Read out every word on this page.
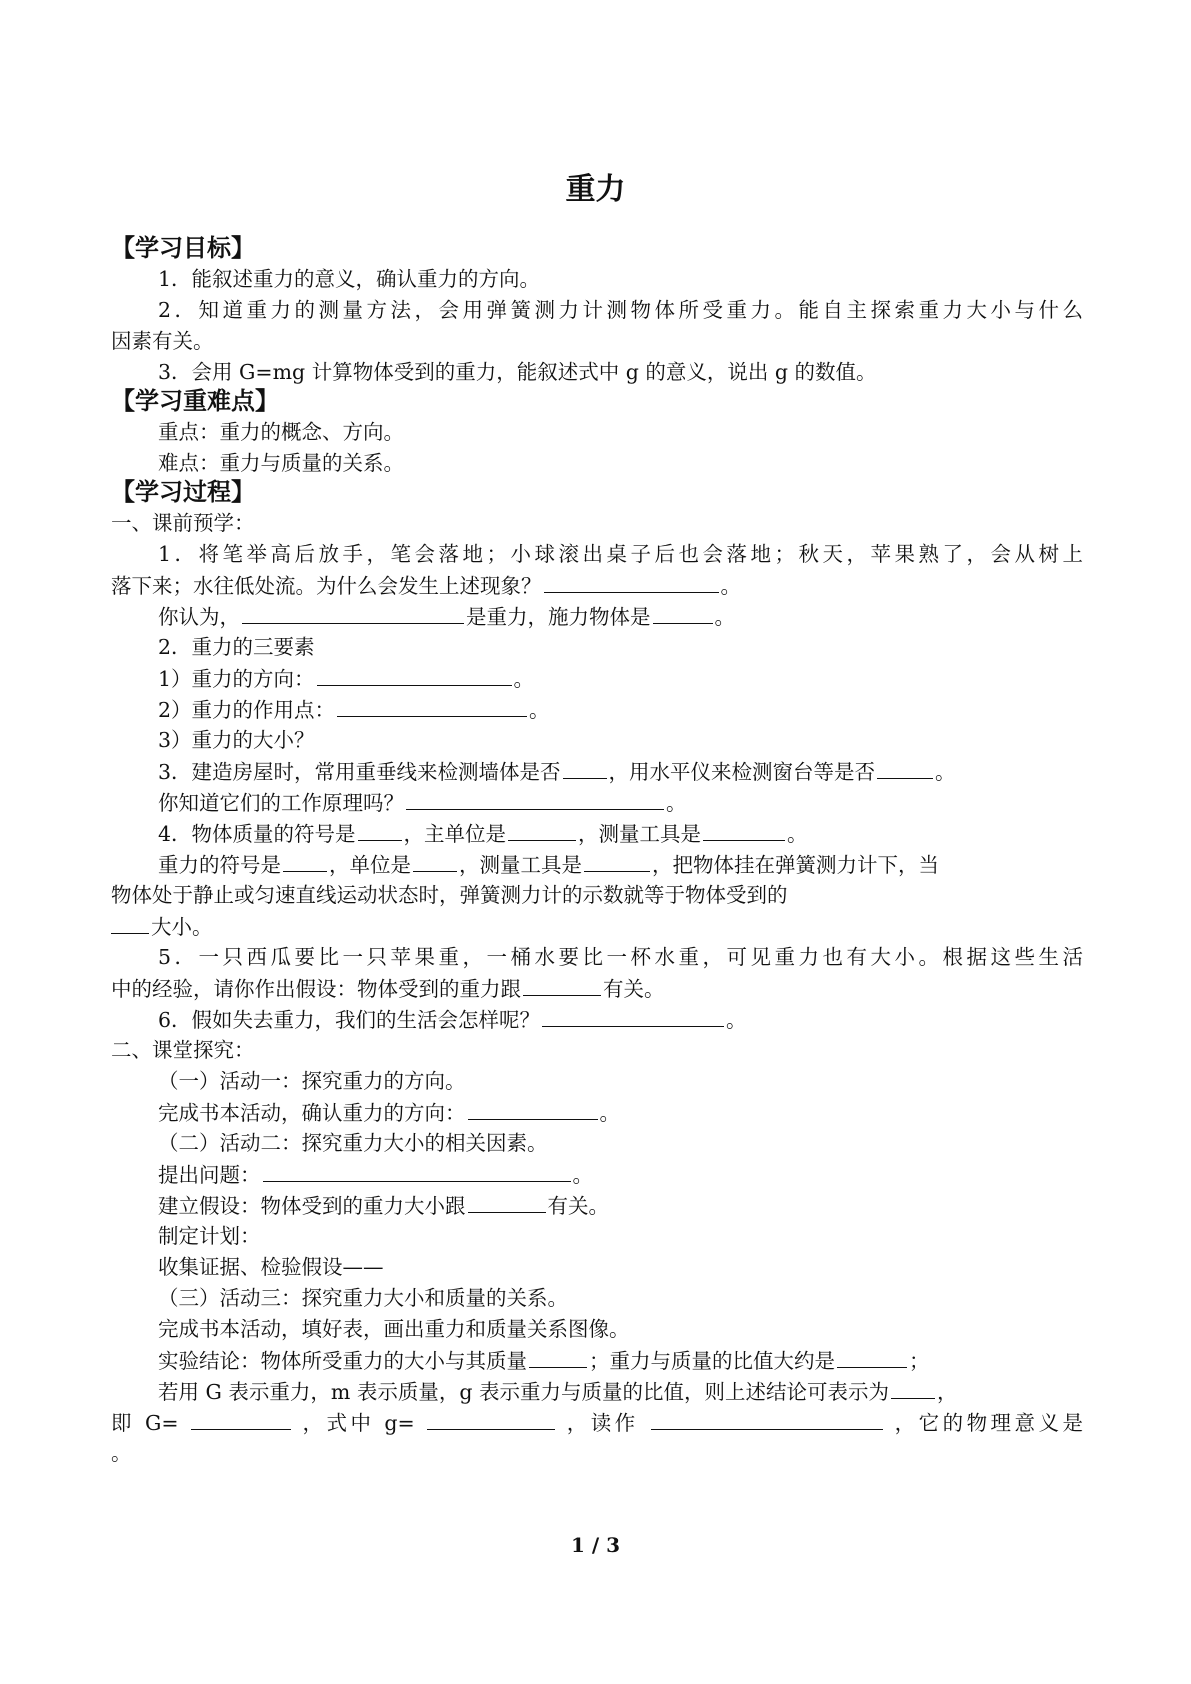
重力
【学习目标】
1．能叙述重力的意义，确认重力的方向。
2．知道重力的测量方法，会用弹簧测力计测物体所受重力。能自主探索重力大小与什么
因素有关。
3．会用 G=mg 计算物体受到的重力，能叙述式中 g 的意义，说出 g 的数值。
【学习重难点】
重点：重力的概念、方向。
难点：重力与质量的关系。
【学习过程】
一、课前预学：
1．将笔举高后放手，笔会落地；小球滚出桌子后也会落地；秋天，苹果熟了，会从树上
落下来；水往低处流。为什么会发生上述现象？	。
你认为，	是重力，施力物体是	。
2．重力的三要素
1）重力的方向：	。
2）重力的作用点：	。
3）重力的大小？
3．建造房屋时，常用重垂线来检测墙体是否 ，用水平仪来检测窗台等是否	。
你知道它们的工作原理吗？	。
4．物体质量的符号是 ，主单位是	，测量工具是	。
重力的符号是 ，单位是 ，测量工具是	，把物体挂在弹簧测力计下，当
物体处于静止或匀速直线运动状态时，弹簧测力计的示数就等于物体受到的
大小。
5．一只西瓜要比一只苹果重，一桶水要比一杯水重，可见重力也有大小。根据这些生活
中的经验，请你作出假设：物体受到的重力跟	有关。
6．假如失去重力，我们的生活会怎样呢？	。
二、课堂探究：
（一）活动一：探究重力的方向。
完成书本活动，确认重力的方向：	。
（二）活动二：探究重力大小的相关因素。
提出问题：	。
建立假设：物体受到的重力大小跟	有关。
制定计划：
收集证据、检验假设——
（三）活动三：探究重力大小和质量的关系。
完成书本活动，填好表，画出重力和质量关系图像。
实验结论：物体所受重力的大小与其质量	；重力与质量的比值大约是	；
若用 G 表示重力，m 表示质量，g 表示重力与质量的比值，则上述结论可表示为 ，
即 G=	，式中 g=	，读作	，它的物理意义是
。
1 / 3
